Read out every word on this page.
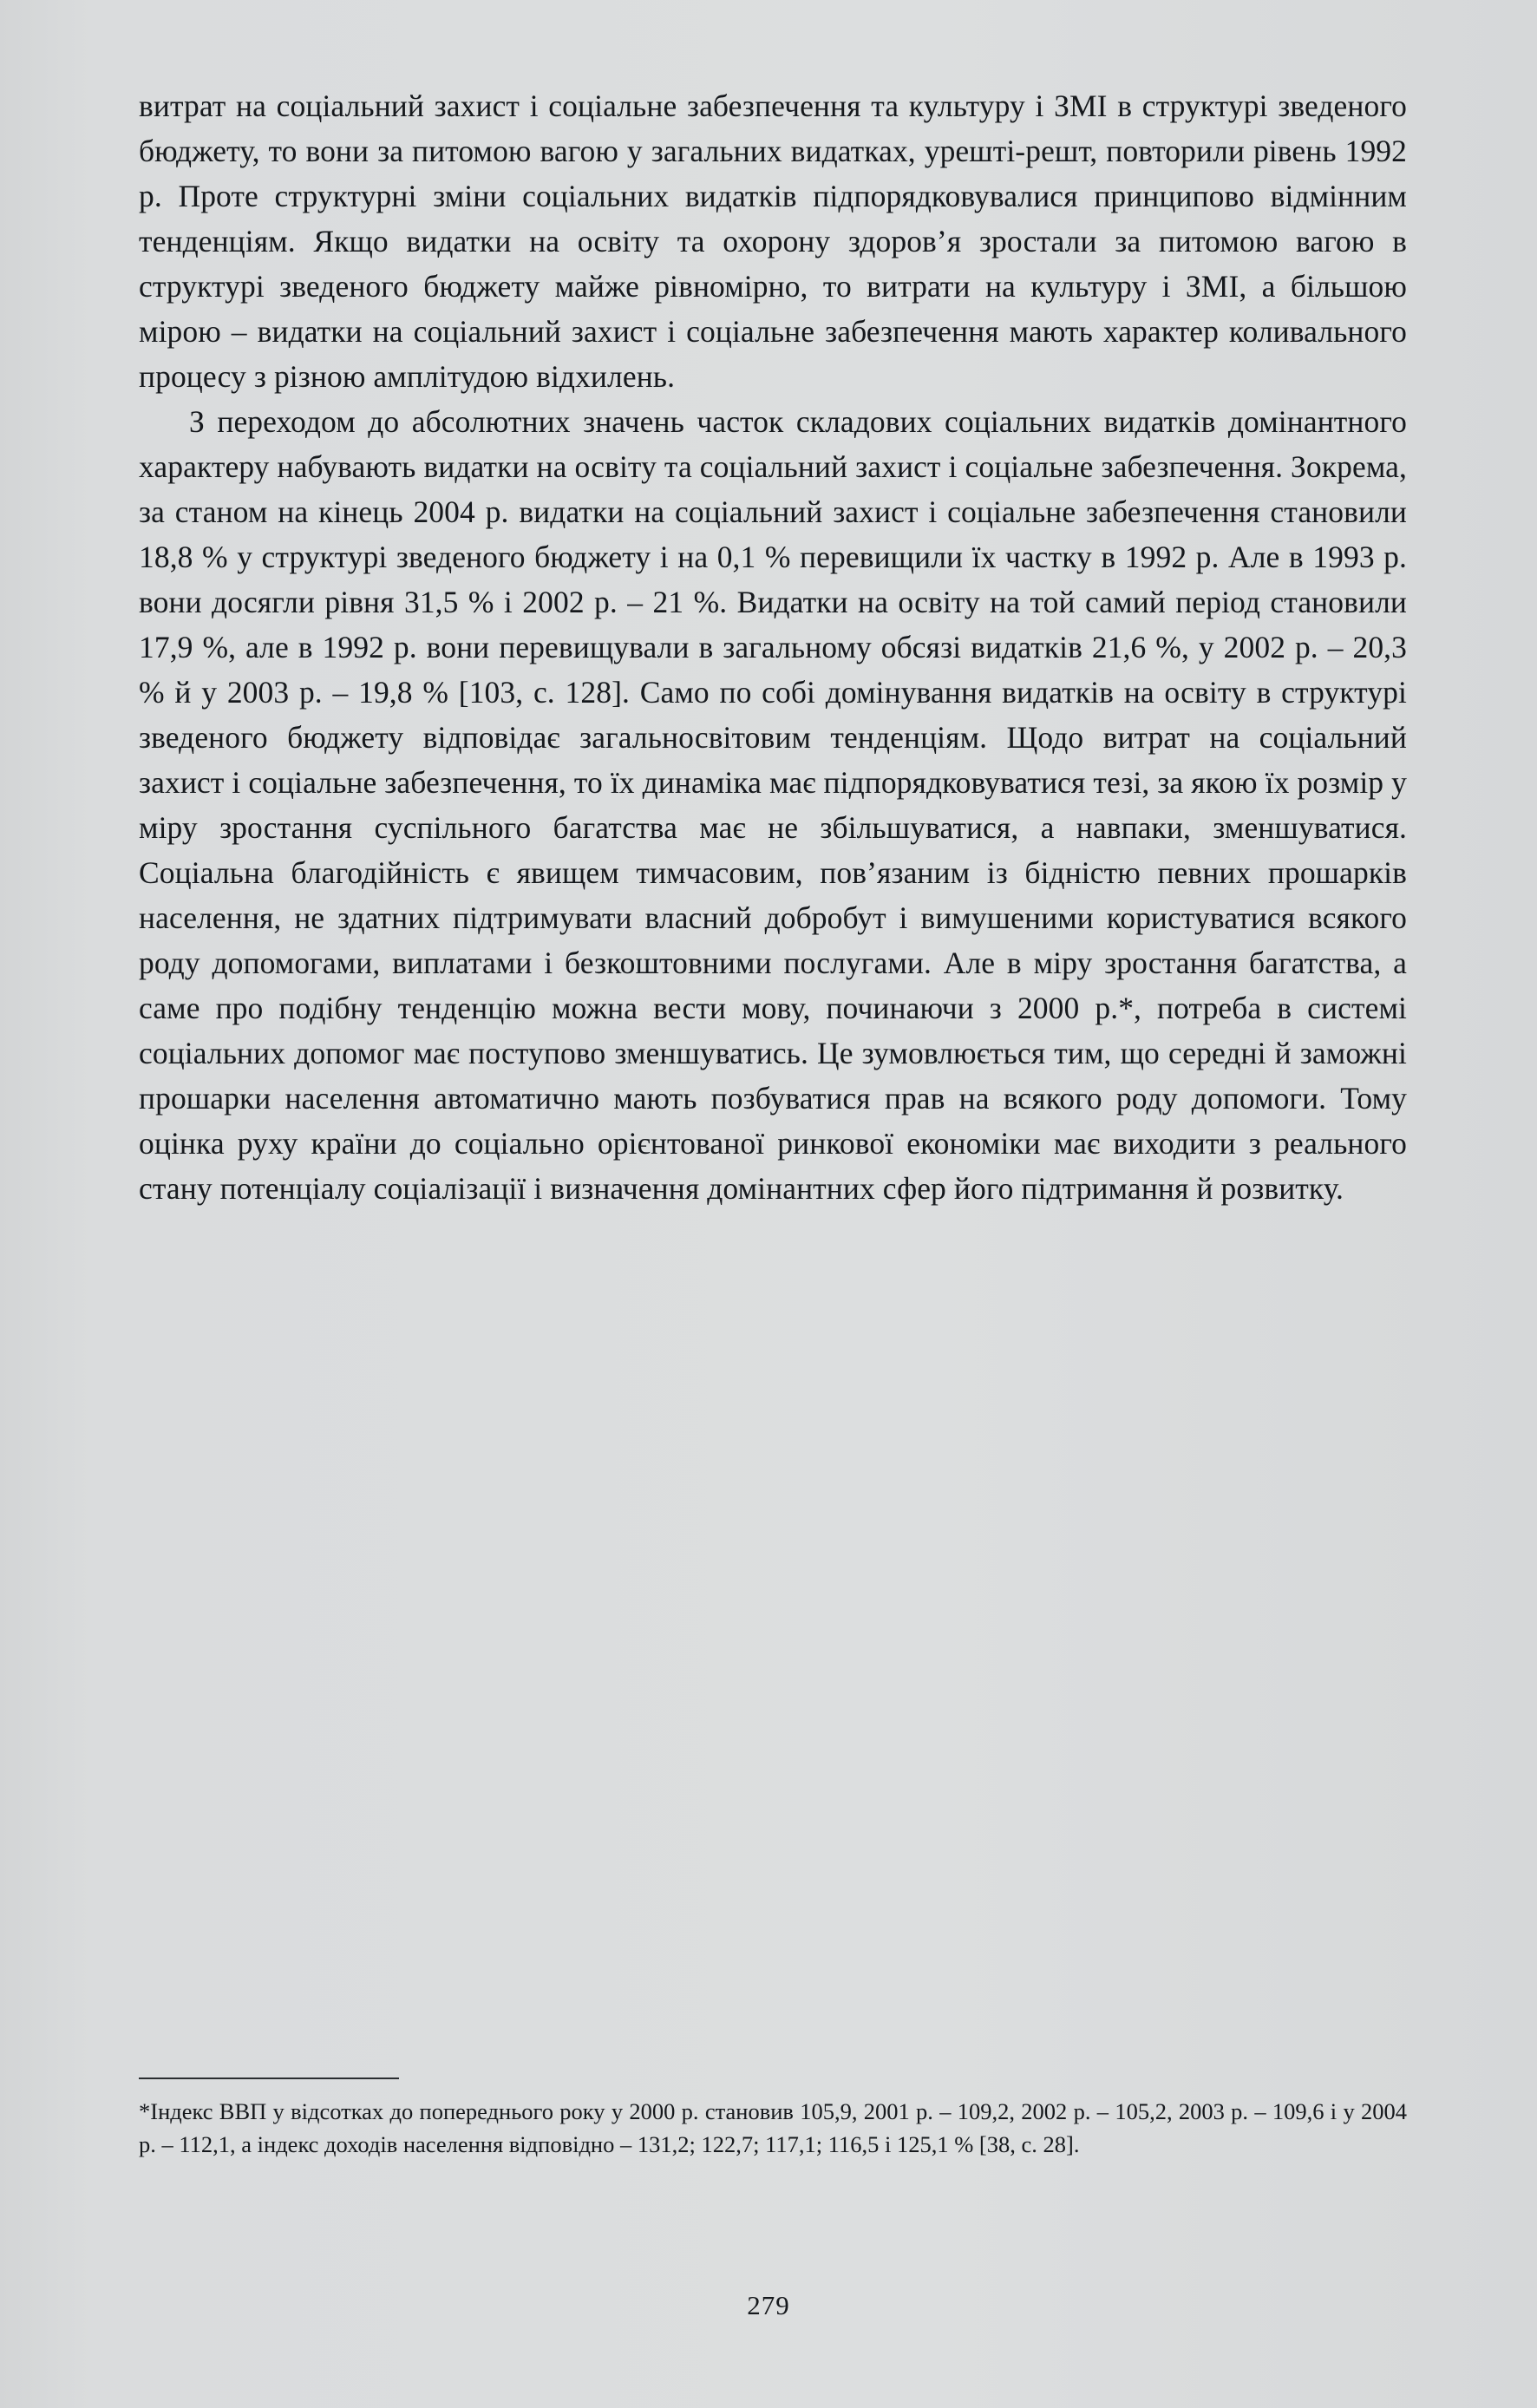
витрат на соціальний захист і соціальне забезпечення та культуру і ЗМІ в структурі зведеного бюджету, то вони за питомою вагою у загальних видатках, урешті-решт, повторили рівень 1992 р. Проте структурні зміни соціальних видатків підпорядковувалися принципово відмінним тенденціям. Якщо видатки на освіту та охорону здоров’я зростали за питомою вагою в структурі зведеного бюджету майже рівномірно, то витрати на культуру і ЗМІ, а більшою мірою – видатки на соціальний захист і соціальне забезпечення мають характер коливального процесу з різною амплітудою відхилень.

З переходом до абсолютних значень часток складових соціальних видатків домінантного характеру набувають видатки на освіту та соціальний захист і соціальне забезпечення. Зокрема, за станом на кінець 2004 р. видатки на соціальний захист і соціальне забезпечення становили 18,8 % у структурі зведеного бюджету і на 0,1 % перевищили їх частку в 1992 р. Але в 1993 р. вони досягли рівня 31,5 % і 2002 р. – 21 %. Видатки на освіту на той самий період становили 17,9 %, але в 1992 р. вони перевищували в загальному обсязі видатків 21,6 %, у 2002 р. – 20,3 % й у 2003 р. – 19,8 % [103, с. 128]. Само по собі домінування видатків на освіту в структурі зведеного бюджету відповідає загальносвітовим тенденціям. Щодо витрат на соціальний захист і соціальне забезпечення, то їх динаміка має підпорядковуватися тезі, за якою їх розмір у міру зростання суспільного багатства має не збільшуватися, а навпаки, зменшуватися. Соціальна благодійність є явищем тимчасовим, пов’язаним із бідністю певних прошарків населення, не здатних підтримувати власний добробут і вимушеними користуватися всякого роду допомогами, виплатами і безкоштовними послугами. Але в міру зростання багатства, а саме про подібну тенденцію можна вести мову, починаючи з 2000 р.*, потреба в системі соціальних допомог має поступово зменшуватись. Це зумовлюється тим, що середні й заможні прошарки населення автоматично мають позбуватися прав на всякого роду допомоги. Тому оцінка руху країни до соціально орієнтованої ринкової економіки має виходити з реального стану потенціалу соціалізації і визначення домінантних сфер його підтримання й розвитку.

*Індекс ВВП у відсотках до попереднього року у 2000 р. становив 105,9, 2001 р. – 109,2, 2002 р. – 105,2, 2003 р. – 109,6 і у 2004 р. – 112,1, а індекс доходів населення відповідно – 131,2; 122,7; 117,1; 116,5 і 125,1 % [38, с. 28].

279
